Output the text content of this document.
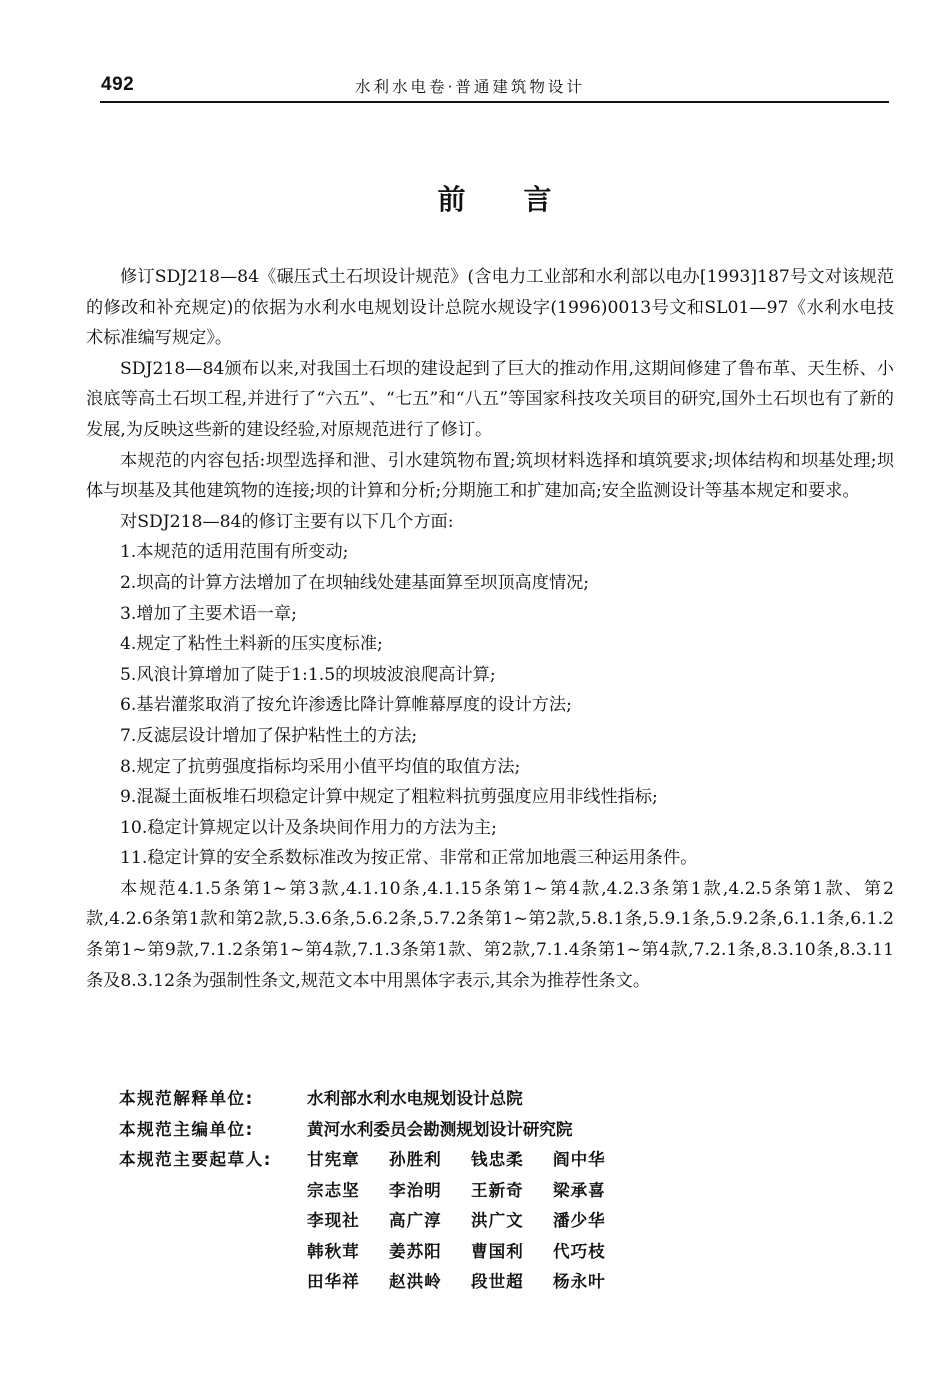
492	水利水电卷·普通建筑物设计
前言

修订SDJ218—84《碾压式土石坝设计规范》(含电力工业部和水利部以电办[1993]187号文对该规范的修改和补充规定)的依据为水利水电规划设计总院水规设字(1996)0013号文和SL01—97《水利水电技术标准编写规定》。

SDJ218—84颁布以来,对我国土石坝的建设起到了巨大的推动作用,这期间修建了鲁布革、天生桥、小浪底等高土石坝工程,并进行了“六五”、“七五”和“八五”等国家科技攻关项目的研究,国外土石坝也有了新的发展,为反映这些新的建设经验,对原规范进行了修订。

本规范的内容包括:坝型选择和泄、引水建筑物布置;筑坝材料选择和填筑要求;坝体结构和坝基处理;坝体与坝基及其他建筑物的连接;坝的计算和分析;分期施工和扩建加高;安全监测设计等基本规定和要求。

对SDJ218—84的修订主要有以下几个方面:

1.本规范的适用范围有所变动;

2.坝高的计算方法增加了在坝轴线处建基面算至坝顶高度情况;

3.增加了主要术语一章;

4.规定了粘性土料新的压实度标准;

5.风浪计算增加了陡于1:1.5的坝坡波浪爬高计算;

6.基岩灌浆取消了按允许渗透比降计算帷幕厚度的设计方法;

7.反滤层设计增加了保护粘性土的方法;

8.规定了抗剪强度指标均采用小值平均值的取值方法;

9.混凝土面板堆石坝稳定计算中规定了粗粒料抗剪强度应用非线性指标;

10.稳定计算规定以计及条块间作用力的方法为主;

11.稳定计算的安全系数标准改为按正常、非常和正常加地震三种运用条件。

本规范4.1.5条第1~第3款,4.1.10条,4.1.15条第1~第4款,4.2.3条第1款,4.2.5条第1款、第2款,4.2.6条第1款和第2款,5.3.6条,5.6.2条,5.7.2条第1~第2款,5.8.1条,5.9.1条,5.9.2条,6.1.1条,6.1.2条第1~第9款,7.1.2条第1~第4款,7.1.3条第1款、第2款,7.1.4条第1~第4款,7.2.1条,8.3.10条,8.3.11条及8.3.12条为强制性条文,规范文本中用黑体字表示,其余为推荐性条文。

本规范解释单位:	水利部水利水电规划设计总院
本规范主编单位:	黄河水利委员会勘测规划设计研究院
本规范主要起草人:	甘宪章	孙胜利	钱忠柔	阎中华
宗志坚	李治明	王新奇	梁承喜
李现社	高广淳	洪广文	潘少华
韩秋茸	姜苏阳	曹国利	代巧枝
田华祥	赵洪岭	段世超	杨永叶
